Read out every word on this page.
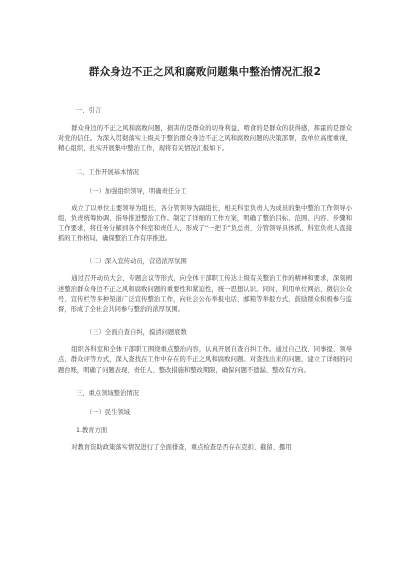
群众身边不正之风和腐败问题集中整治情况汇报2
一、引言

群众身边的不正之风和腐败问题，损害的是群众的切身利益，啃食的是群众的获得感，挥霍的是群众对党的信任。为深入贯彻落实上级关于整治群众身边不正之风和腐败问题的决策部署，我单位高度重视，精心组织，扎实开展集中整治工作，现将有关情况汇报如下。

二、工作开展基本情况
（一）加强组织领导，明确责任分工

成立了以单位主要领导为组长，各分管领导为副组长，相关科室负责人为成员的集中整治工作领导小组，负责统筹协调、指导推进整治工作。制定了详细的工作方案，明确了整治目标、范围、内容、步骤和工作要求，将任务分解到各个科室和责任人，形成了“一把手”负总责、分管领导具体抓、科室负责人直接抓的工作格局，确保整治工作有序推进。

（二）深入宣传动员，营造浓厚氛围

通过召开动员大会、专题会议等形式，向全体干部职工传达上级有关整治工作的精神和要求，深刻阐述整治群众身边不正之风和腐败问题的重要性和紧迫性，统一思想认识。同时，利用单位网站、微信公众号、宣传栏等多种渠道广泛宣传整治工作，向社会公布举报电话、邮箱等举报方式，鼓励群众积极参与监督，形成了全社会共同参与整治的浓厚氛围。

（三）全面自查自纠，摸清问题底数

组织各科室和全体干部职工围绕重点整治内容，认真开展自查自纠工作。通过自己找、同事提、领导点、群众评等方式，深入查找在工作中存在的不正之风和腐败问题。对查找出来的问题，建立了详细的问题台账，明确了问题表现、责任人、整改措施和整改期限，确保问题不遗漏、整改有方向。

三、重点领域整治情况
（一）民生领域
1.教育方面

对教育资助政策落实情况进行了全面排查，重点检查是否存在克扣、截留、挪用
